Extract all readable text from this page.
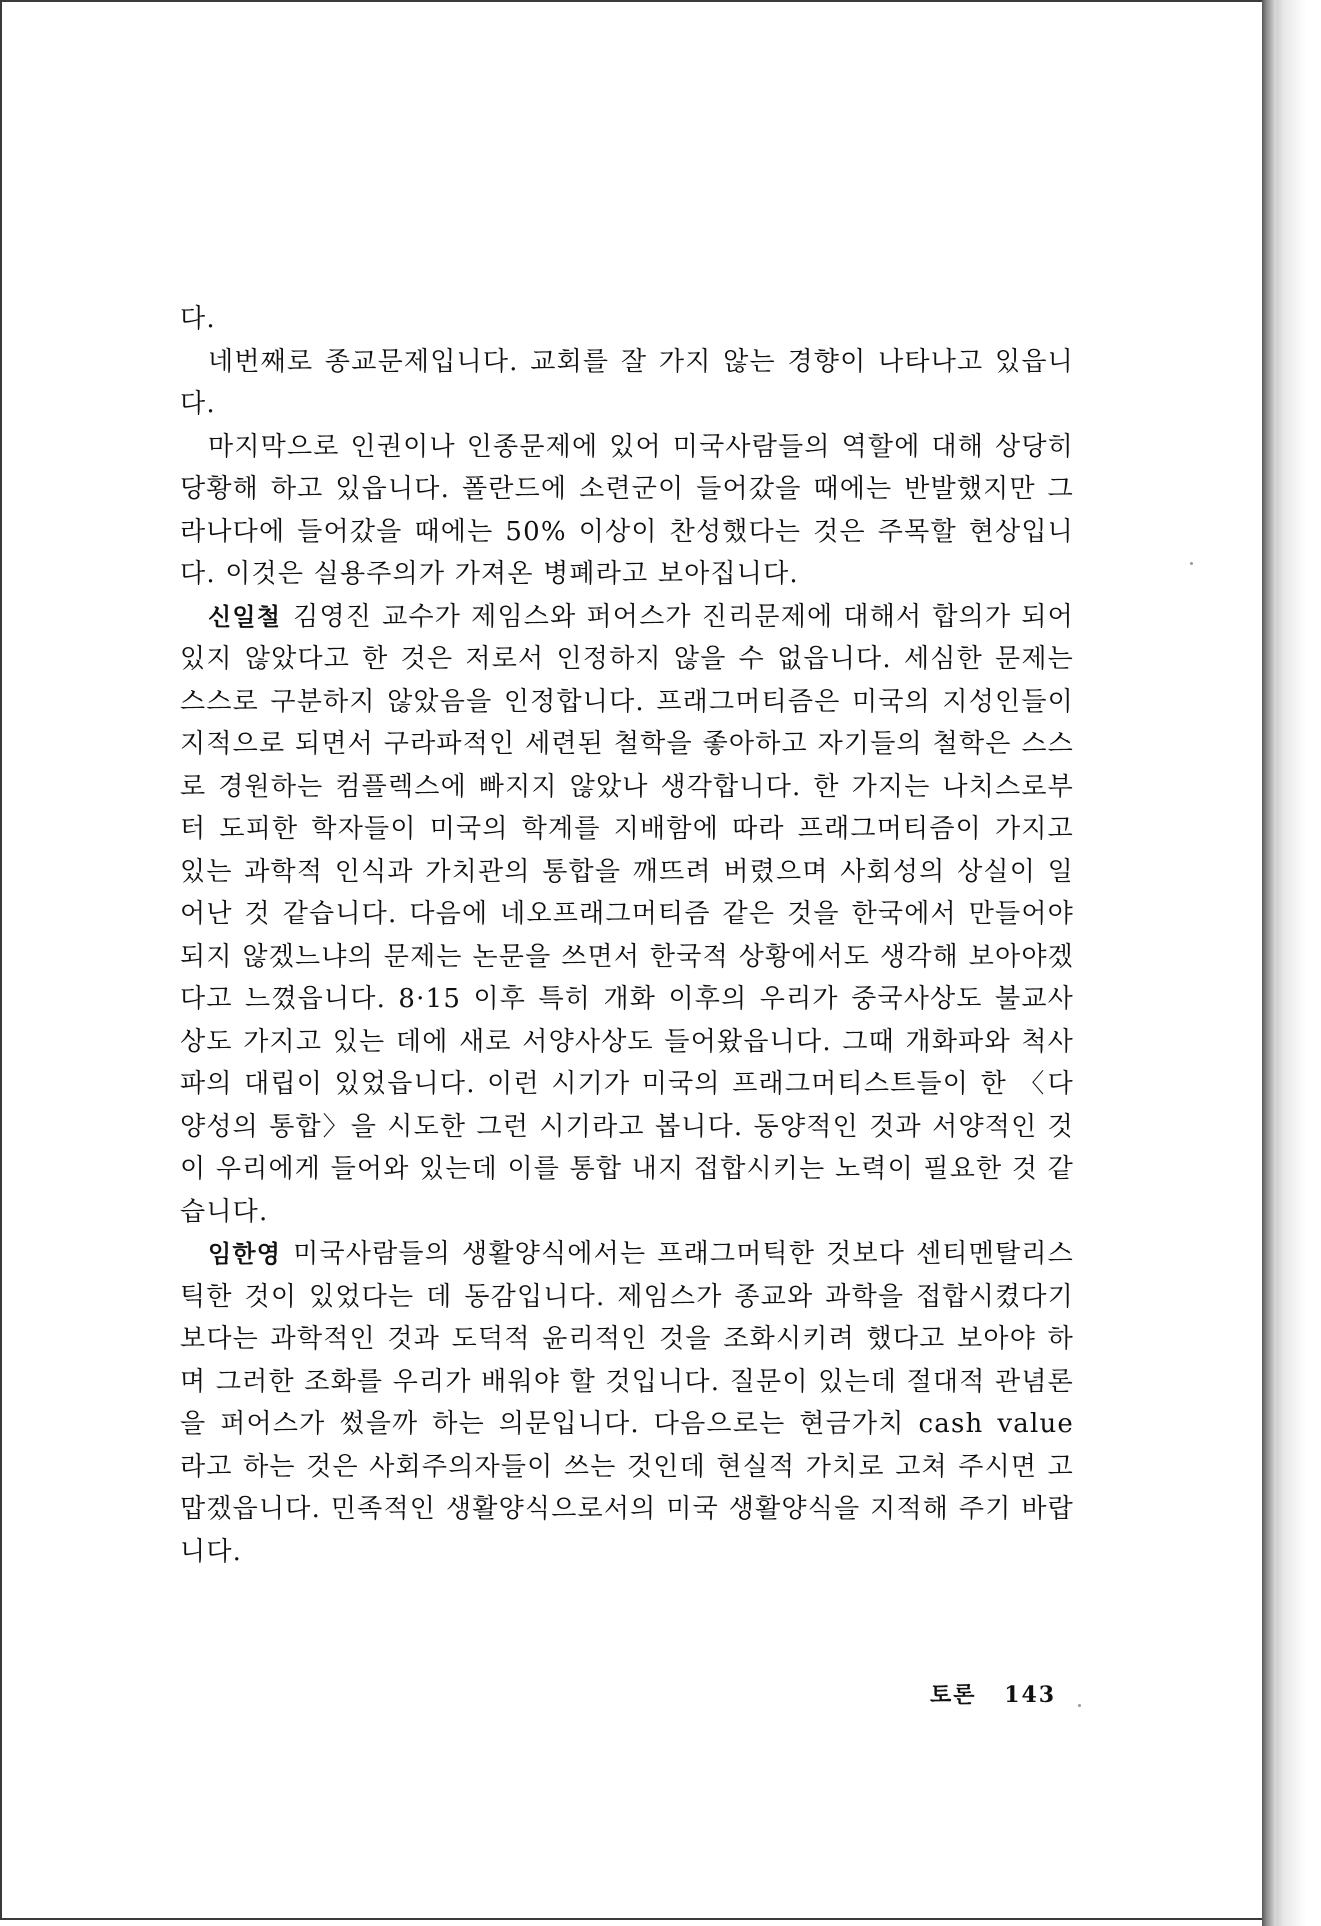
다.

네번째로 종교문제입니다. 교회를 잘 가지 않는 경향이 나타나고 있읍니다.

마지막으로 인권이나 인종문제에 있어 미국사람들의 역할에 대해 상당히 당황해 하고 있읍니다. 폴란드에 소련군이 들어갔을 때에는 반발했지만 그라나다에 들어갔을 때에는 50% 이상이 찬성했다는 것은 주목할 현상입니다. 이것은 실용주의가 가져온 병폐라고 보아집니다.

신일철 김영진 교수가 제임스와 퍼어스가 진리문제에 대해서 합의가 되어 있지 않았다고 한 것은 저로서 인정하지 않을 수 없읍니다. 세심한 문제는 스스로 구분하지 않았음을 인정합니다. 프래그머티즘은 미국의 지성인들이 지적으로 되면서 구라파적인 세련된 철학을 좋아하고 자기들의 철학은 스스로 경원하는 컴플렉스에 빠지지 않았나 생각합니다. 한 가지는 나치스로부터 도피한 학자들이 미국의 학계를 지배함에 따라 프래그머티즘이 가지고 있는 과학적 인식과 가치관의 통합을 깨뜨려 버렸으며 사회성의 상실이 일어난 것 같습니다. 다음에 네오프래그머티즘 같은 것을 한국에서 만들어야 되지 않겠느냐의 문제는 논문을 쓰면서 한국적 상황에서도 생각해 보아야겠다고 느꼈읍니다. 8·15 이후 특히 개화 이후의 우리가 중국사상도 불교사상도 가지고 있는 데에 새로 서양사상도 들어왔읍니다. 그때 개화파와 척사파의 대립이 있었읍니다. 이런 시기가 미국의 프래그머티스트들이 한 〈다양성의 통합〉을 시도한 그런 시기라고 봅니다. 동양적인 것과 서양적인 것이 우리에게 들어와 있는데 이를 통합 내지 접합시키는 노력이 필요한 것 같습니다.

임한영 미국사람들의 생활양식에서는 프래그머틱한 것보다 센티멘탈리스틱한 것이 있었다는 데 동감입니다. 제임스가 종교와 과학을 접합시켰다기보다는 과학적인 것과 도덕적 윤리적인 것을 조화시키려 했다고 보아야 하며 그러한 조화를 우리가 배워야 할 것입니다. 질문이 있는데 절대적 관념론을 퍼어스가 썼을까 하는 의문입니다. 다음으로는 현금가치 cash value 라고 하는 것은 사회주의자들이 쓰는 것인데 현실적 가치로 고쳐 주시면 고맙겠읍니다. 민족적인 생활양식으로서의 미국 생활양식을 지적해 주기 바랍니다.

토론 143
